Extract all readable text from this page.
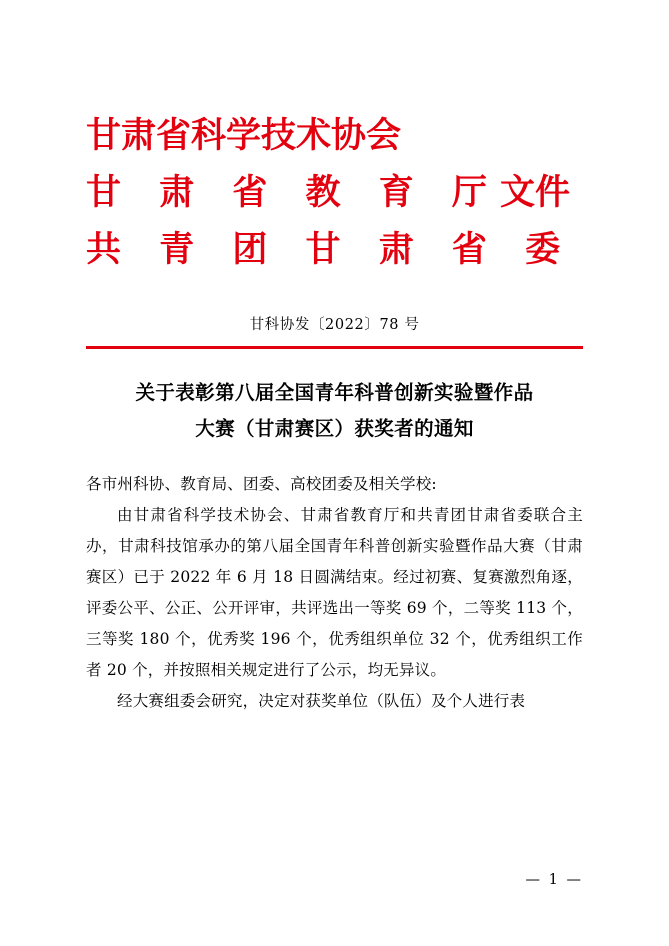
甘肃省科学技术协会
甘 肃 省 教 育 厅文件
共 青 团 甘 肃 省 委
甘科协发〔2022〕78 号
关于表彰第八届全国青年科普创新实验暨作品
大赛（甘肃赛区）获奖者的通知

各市州科协、教育局、团委、高校团委及相关学校:

由甘肃省科学技术协会、甘肃省教育厅和共青团甘肃省委联合主办，甘肃科技馆承办的第八届全国青年科普创新实验暨作品大赛（甘肃赛区）已于 2022 年 6 月 18 日圆满结束。经过初赛、复赛激烈角逐，评委公平、公正、公开评审，共评选出一等奖 69 个，二等奖 113 个，三等奖 180 个，优秀奖 196 个，优秀组织单位 32 个，优秀组织工作者 20 个，并按照相关规定进行了公示，均无异议。

经大赛组委会研究，决定对获奖单位（队伍）及个人进行表

— 1 —
